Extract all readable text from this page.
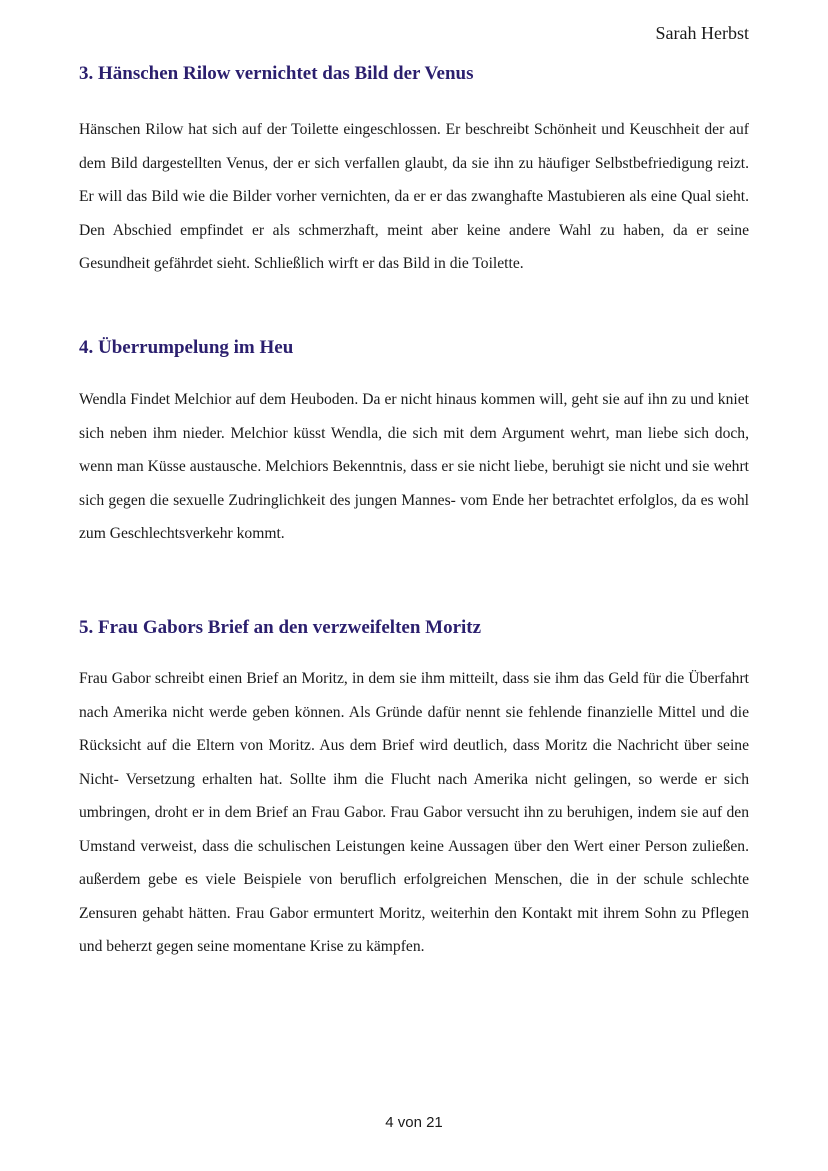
Sarah Herbst
3. Hänschen Rilow vernichtet das Bild der Venus

Hänschen Rilow hat sich auf der Toilette eingeschlossen. Er beschreibt Schönheit und Keuschheit der auf dem Bild dargestellten Venus, der er sich verfallen glaubt, da sie ihn zu häufiger Selbstbefriedigung reizt. Er will das Bild wie die Bilder vorher vernichten, da er er das zwanghafte Mastubieren als eine Qual sieht. Den Abschied empfindet er als schmerzhaft, meint aber keine andere Wahl zu haben, da er seine Gesundheit gefährdet sieht. Schließlich wirft er das Bild in die Toilette.

4. Überrumpelung im Heu

Wendla Findet Melchior auf dem Heuboden. Da er nicht hinaus kommen will, geht sie auf ihn zu und kniet sich neben ihm nieder. Melchior küsst Wendla, die sich mit dem Argument wehrt, man liebe sich doch, wenn man Küsse austausche. Melchiors Bekenntnis, dass er sie nicht liebe, beruhigt sie nicht und sie wehrt sich gegen die sexuelle Zudringlichkeit des jungen Mannes- vom Ende her betrachtet erfolglos, da es wohl zum Geschlechtsverkehr kommt.

5. Frau Gabors Brief an den verzweifelten Moritz

Frau Gabor schreibt einen Brief an Moritz, in dem sie ihm mitteilt, dass sie ihm das Geld für die Überfahrt nach Amerika nicht werde geben können. Als Gründe dafür nennt sie fehlende finanzielle Mittel und die Rücksicht auf die Eltern von Moritz. Aus dem Brief wird deutlich, dass Moritz die Nachricht über seine Nicht- Versetzung erhalten hat. Sollte ihm die Flucht nach Amerika nicht gelingen, so werde er sich umbringen, droht er in dem Brief an Frau Gabor. Frau Gabor versucht ihn zu beruhigen, indem sie auf den Umstand verweist, dass die schulischen Leistungen keine Aussagen über den Wert einer Person zuließen. außerdem gebe es viele Beispiele von beruflich erfolgreichen Menschen, die in der schule schlechte Zensuren gehabt hätten. Frau Gabor ermuntert Moritz, weiterhin den Kontakt mit ihrem Sohn zu Pflegen und beherzt gegen seine momentane Krise zu kämpfen.

4 von 21
